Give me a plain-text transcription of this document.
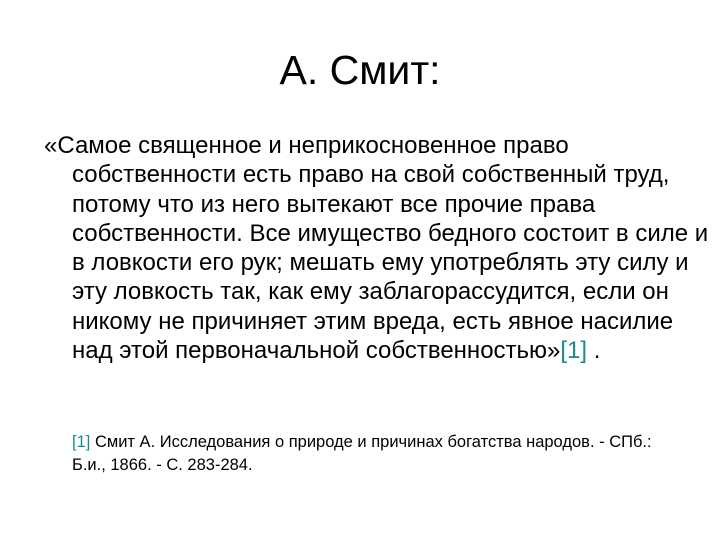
А. Смит:

«Самое священное и неприкосновенное право собственности есть право на свой собственный труд, потому что из него вытекают все прочие права собственности. Все имущество бедного состоит в силе и в ловкости его рук; мешать ему употреблять эту силу и эту ловкость так, как ему заблагорассудится, если он никому не причиняет этим вреда, есть явное насилие над этой первоначальной собственностью»[1] .

[1] Смит А. Исследования о природе и причинах богатства народов. - СПб.: Б.и., 1866. - С. 283-284.
